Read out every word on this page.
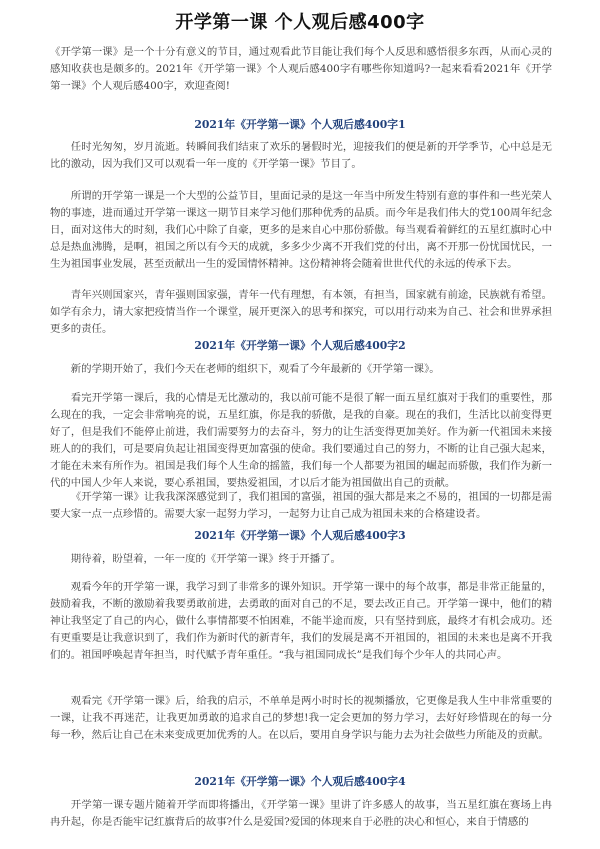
开学第一课 个人观后感400字

《开学第一课》是一个十分有意义的节目，通过观看此节目能让我们每个人反思和感悟很多东西，从而心灵的感知收获也是颇多的。2021年《开学第一课》个人观后感400字有哪些你知道吗?一起来看看2021年《开学第一课》个人观后感400字，欢迎查阅!

2021年《开学第一课》个人观后感400字1

任时光匆匆，岁月流逝。转瞬间我们结束了欢乐的暑假时光，迎接我们的便是新的开学季节，心中总是无比的激动，因为我们又可以观看一年一度的《开学第一课》节目了。

所谓的开学第一课是一个大型的公益节目，里面记录的是这一年当中所发生特别有意的事件和一些光荣人物的事迹，进而通过开学第一课这一期节目来学习他们那种优秀的品质。而今年是我们伟大的党100周年纪念日，面对这伟大的时刻，我们心中除了自豪，更多的是来自心中那份骄傲。每当观看着鲜红的五星红旗时心中总是热血沸腾，是啊，祖国之所以有今天的成就，多多少少离不开我们党的付出，离不开那一份忧国忧民，一生为祖国事业发展，甚至贡献出一生的爱国情怀精神。这份精神将会随着世世代代的永远的传承下去。

青年兴则国家兴，青年强则国家强，青年一代有理想，有本领，有担当，国家就有前途，民族就有希望。如学有余力，请大家把疫情当作一个课堂，展开更深入的思考和探究，可以用行动来为自己、社会和世界承担更多的责任。

2021年《开学第一课》个人观后感400字2

新的学期开始了，我们今天在老师的组织下，观看了今年最新的《开学第一课》。

看完开学第一课后，我的心情是无比激动的，我以前可能不是很了解一面五星红旗对于我们的重要性，那么现在的我，一定会非常响亮的说，五星红旗，你是我的骄傲，是我的自豪。现在的我们，生活比以前变得更好了，但是我们不能停止前进，我们需要努力的去奋斗，努力的让生活变得更加美好。作为新一代祖国未来接班人的的我们，可是要肩负起让祖国变得更加富强的使命。我们要通过自己的努力，不断的让自己强大起来，才能在未来有所作为。祖国是我们每个人生命的摇篮，我们每一个人都要为祖国的崛起而骄傲，我们作为新一代的中国人少年人来说，要心系祖国，要热爱祖国，才以后才能为祖国做出自己的贡献。

《开学第一课》让我我深深感觉到了，我们祖国的富强，祖国的强大都是来之不易的，祖国的一切都是需要大家一点一点珍惜的。需要大家一起努力学习，一起努力让自己成为祖国未来的合格建设者。

2021年《开学第一课》个人观后感400字3

期待着，盼望着，一年一度的《开学第一课》终于开播了。

观看今年的开学第一课，我学习到了非常多的课外知识。开学第一课中的每个故事，都是非常正能量的，鼓励着我，不断的激励着我要勇敢前进，去勇敢的面对自己的不足，要去改正自己。开学第一课中，他们的精神让我坚定了自己的内心，做什么事情都要不怕困难，不能半途而废，只有坚持到底，最终才有机会成功。还有更重要是让我意识到了，我们作为新时代的新青年，我们的发展是离不开祖国的，祖国的未来也是离不开我们的。祖国呼唤起青年担当，时代赋予青年重任。“我与祖国同成长”是我们每个少年人的共同心声。

观看完《开学第一课》后，给我的启示，不单单是两小时时长的视频播放，它更像是我人生中非常重要的一课，让我不再迷茫，让我更加勇敢的追求自己的梦想!我一定会更加的努力学习，去好好珍惜现在的每一分每一秒，然后让自己在未来变成更加优秀的人。在以后，要用自身学识与能力去为社会做些力所能及的贡献。

2021年《开学第一课》个人观后感400字4

开学第一课专题片随着开学而即将播出，《开学第一课》里讲了许多感人的故事，当五星红旗在赛场上冉冉升起，你是否能牢记红旗背后的故事?什么是爱国?爱国的体现来自于必胜的决心和恒心，来自于情感的
